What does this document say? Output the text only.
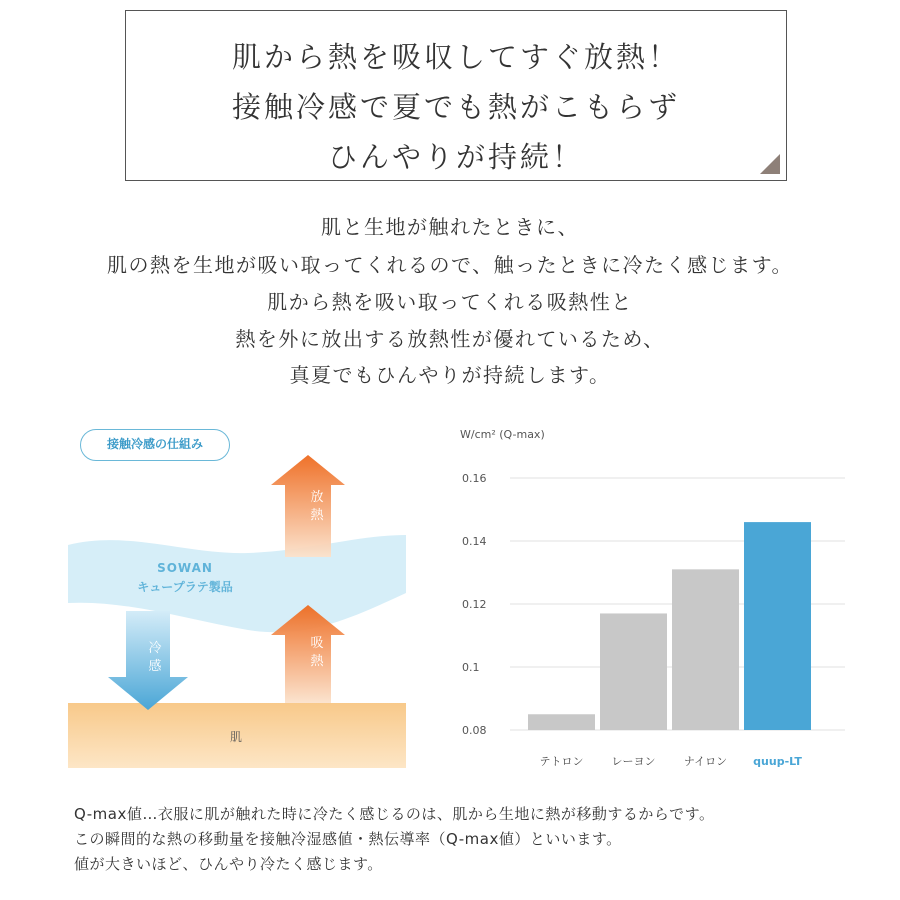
肌から熱を吸収してすぐ放熱！
接触冷感で夏でも熱がこもらず
ひんやりが持続！
肌と生地が触れたときに、
肌の熱を生地が吸い取ってくれるので、触ったときに冷たく感じます。
肌から熱を吸い取ってくれる吸熱性と
熱を外に放出する放熱性が優れているため、
真夏でもひんやりが持続します。
SOWAN
キュープラテ製品
放
熱
吸
熱
冷
感
肌
接触冷感の仕組み
W/cm² (Q-max)
0.08
0.1
0.12
0.14
0.16
テトロン	レーヨン	ナイロン quup-LT
Q-max値…衣服に肌が触れた時に冷たく感じるのは、肌から生地に熱が移動するからです。
この瞬間的な熱の移動量を接触冷湿感値・熱伝導率（Q-max値）といいます。
値が大きいほど、ひんやり冷たく感じます。
